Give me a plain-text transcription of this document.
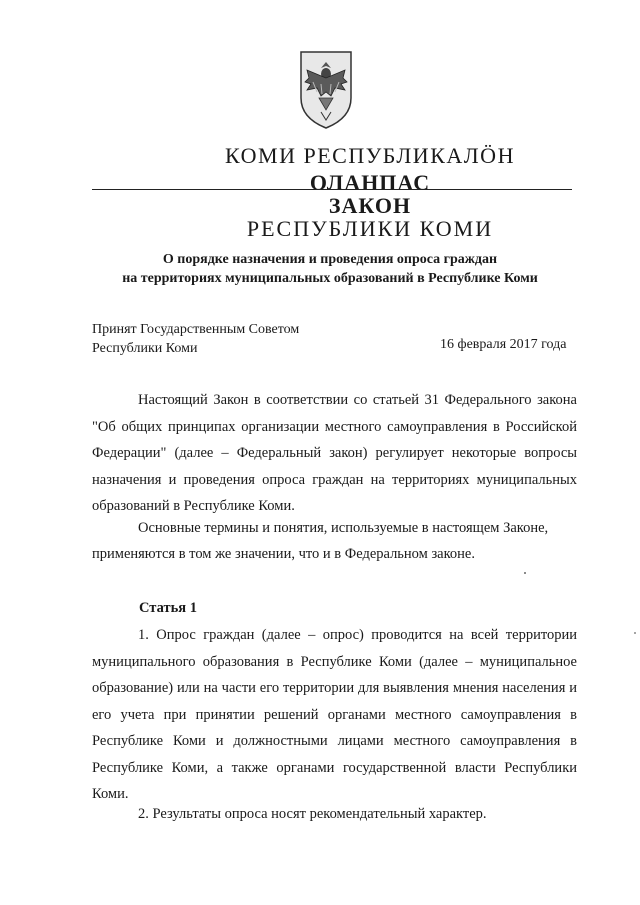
КОМИ РЕСПУБЛИКАЛӦН
ОЛАНПАС
ЗАКОН
РЕСПУБЛИКИ КОМИ
О порядке назначения и проведения опроса граждан
на территориях муниципальных образований в Республике Коми
Принят Государственным Советом
Республики Коми	16 февраля 2017 года

Настоящий Закон в соответствии со статьей 31 Федерального закона "Об общих принципах организации местного самоуправления в Российской Федерации" (далее – Федеральный закон) регулирует некоторые вопросы назначения и проведения опроса граждан на территориях муниципальных образований в Республике Коми.

Основные термины и понятия, используемые в настоящем Законе,

применяются в том же значении, что и в Федеральном законе.

Статья 1

1. Опрос граждан (далее – опрос) проводится на всей территории муниципального образования в Республике Коми (далее – муниципальное образование) или на части его территории для выявления мнения населения и его учета при принятии решений органами местного самоуправления в Республике Коми и должностными лицами местного самоуправления в Республике Коми, а также органами государственной власти Республики Коми.

2. Результаты опроса носят рекомендательный характер.
